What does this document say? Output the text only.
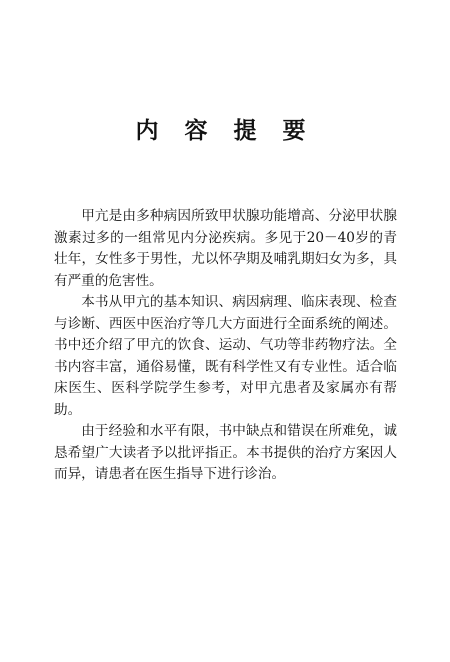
内 容 提 要

甲亢是由多种病因所致甲状腺功能增高、分泌甲状腺激素过多的一组常见内分泌疾病。多见于20－40岁的青壮年，女性多于男性，尤以怀孕期及哺乳期妇女为多，具有严重的危害性。

本书从甲亢的基本知识、病因病理、临床表现、检查与诊断、西医中医治疗等几大方面进行全面系统的阐述。书中还介绍了甲亢的饮食、运动、气功等非药物疗法。全书内容丰富，通俗易懂，既有科学性又有专业性。适合临床医生、医科学院学生参考，对甲亢患者及家属亦有帮助。

由于经验和水平有限，书中缺点和错误在所难免，诚恳希望广大读者予以批评指正。本书提供的治疗方案因人而异，请患者在医生指导下进行诊治。
